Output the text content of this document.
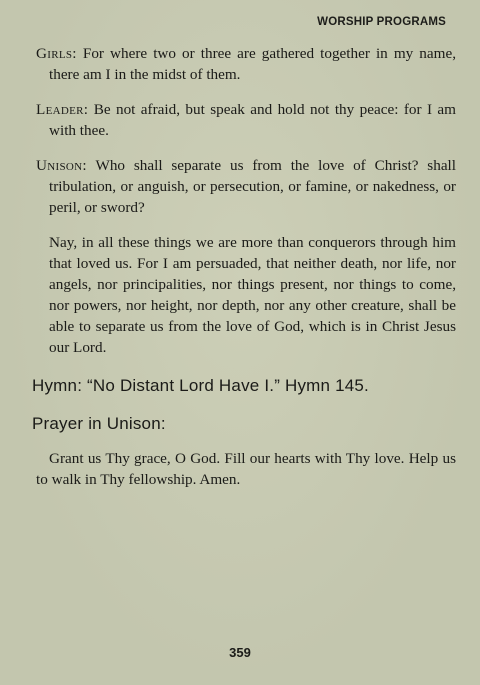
WORSHIP PROGRAMS

Girls: For where two or three are gathered together in my name, there am I in the midst of them.

Leader: Be not afraid, but speak and hold not thy peace: for I am with thee.

Unison: Who shall separate us from the love of Christ? shall tribulation, or anguish, or persecution, or famine, or nakedness, or peril, or sword?

Nay, in all these things we are more than conquerors through him that loved us. For I am persuaded, that neither death, nor life, nor angels, nor principalities, nor things present, nor things to come, nor powers, nor height, nor depth, nor any other creature, shall be able to separate us from the love of God, which is in Christ Jesus our Lord.

Hymn: “No Distant Lord Have I.” Hymn 145.

Prayer in Unison:

Grant us Thy grace, O God. Fill our hearts with Thy love. Help us to walk in Thy fellowship. Amen.

359
